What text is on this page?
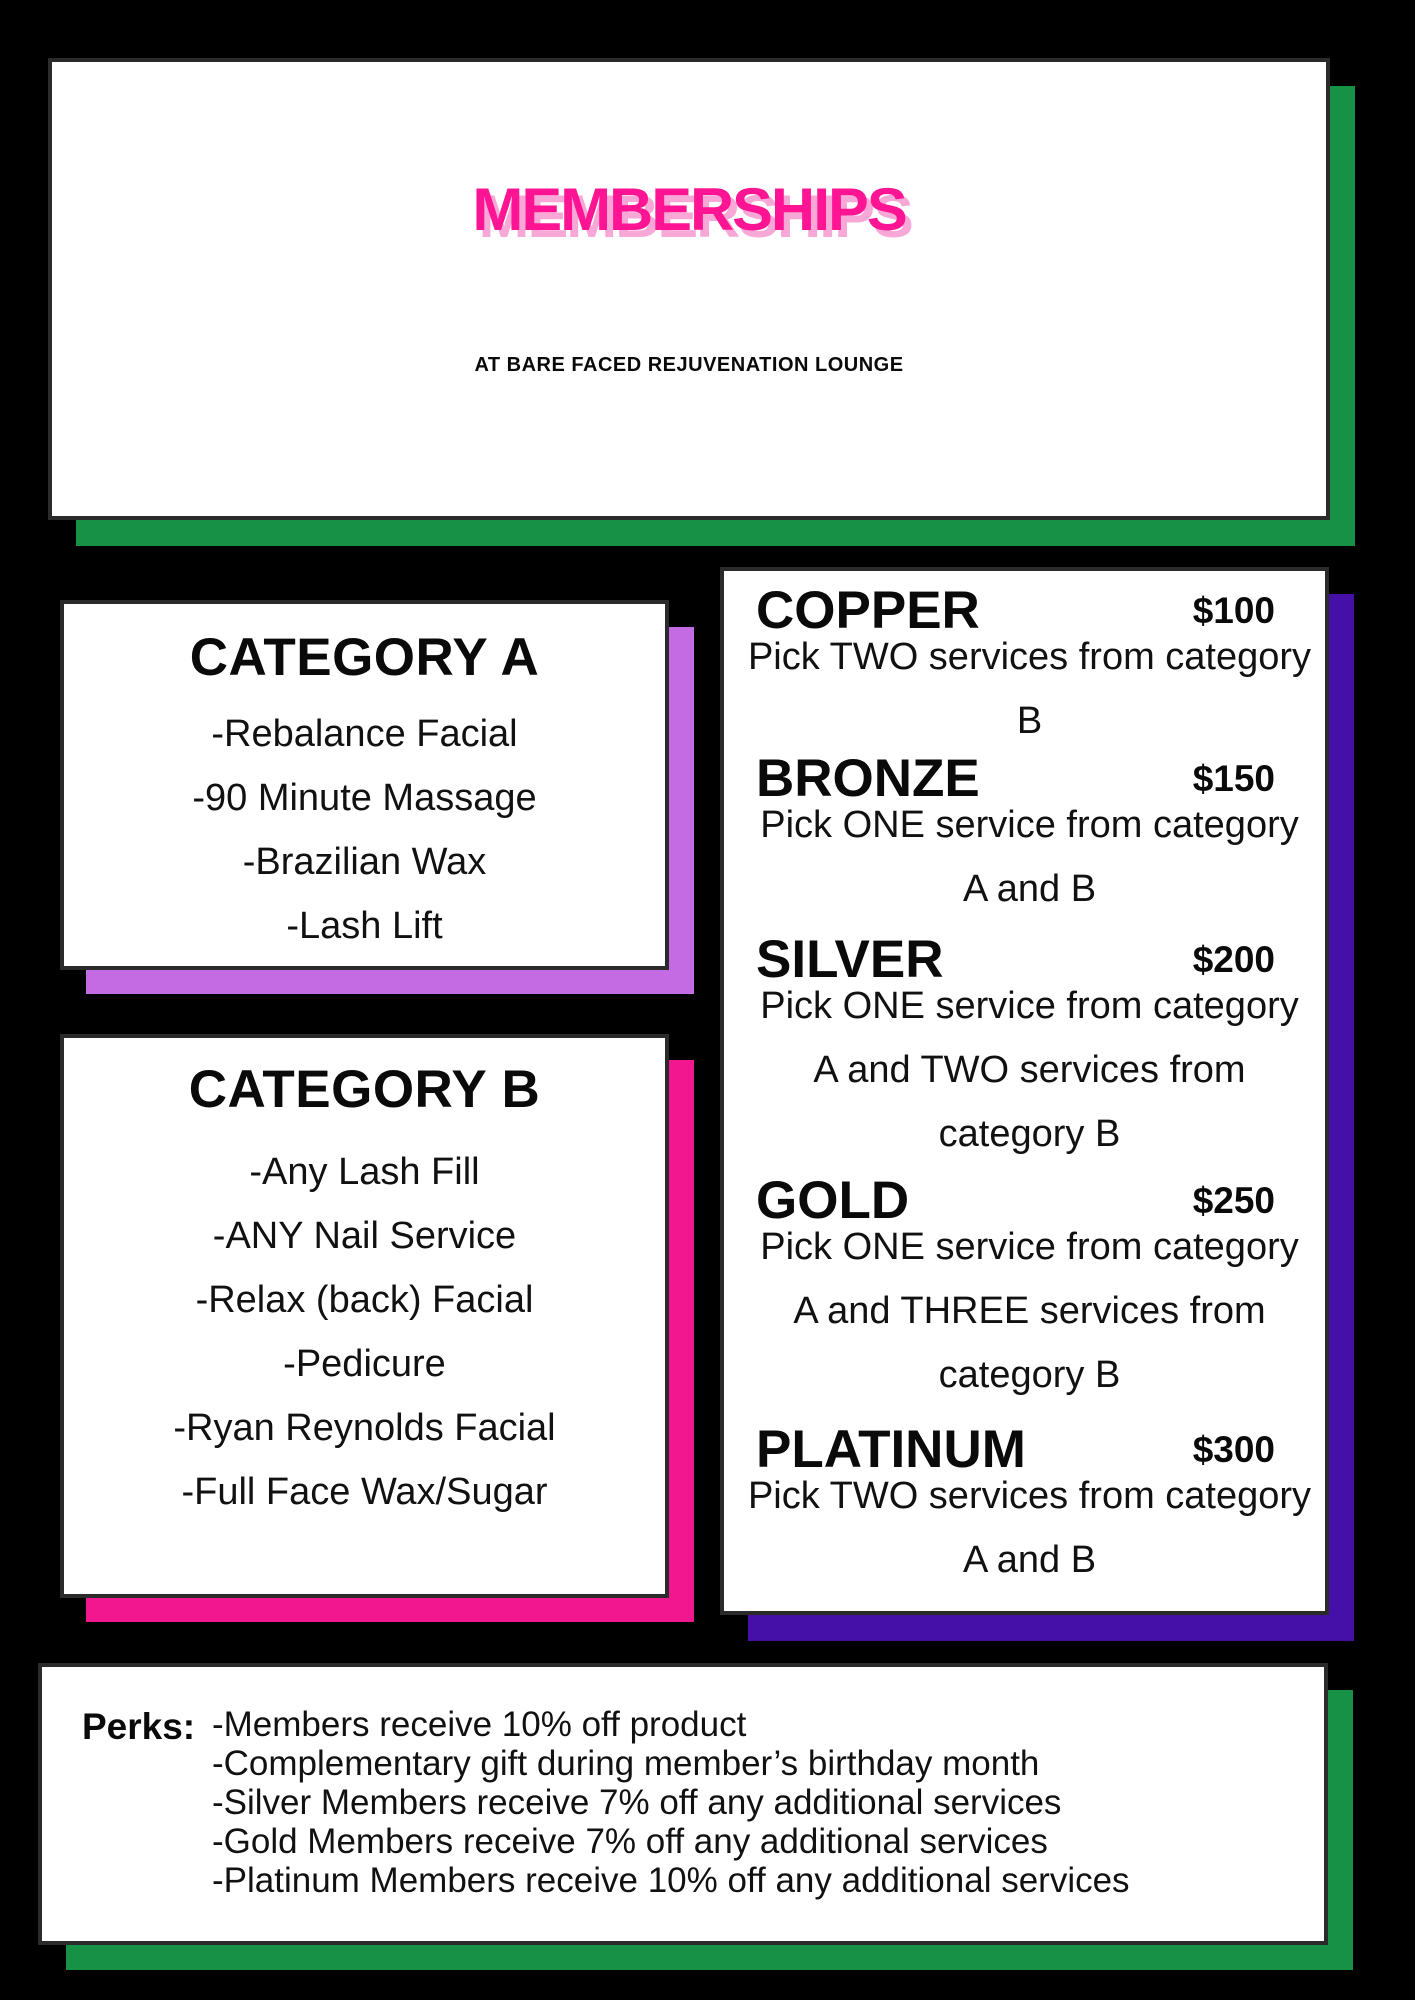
MEMBERSHIPS
AT BARE FACED REJUVENATION LOUNGE
CATEGORY A
-Rebalance Facial
-90 Minute Massage
-Brazilian Wax
-Lash Lift
CATEGORY B
-Any Lash Fill
-ANY Nail Service
-Relax (back) Facial
-Pedicure
-Ryan Reynolds Facial
-Full Face Wax/Sugar
COPPER	$100
Pick TWO services from category B
BRONZE	$150
Pick ONE service from category A and B
SILVER	$200
Pick ONE service from category A and TWO services from category B
GOLD	$250
Pick ONE service from category A and THREE services from category B
PLATINUM	$300
Pick TWO services from category A and B
Perks: -Members receive 10% off product
-Complementary gift during member’s birthday month
-Silver Members receive 7% off any additional services
-Gold Members receive 7% off any additional services
-Platinum Members receive 10% off any additional services
